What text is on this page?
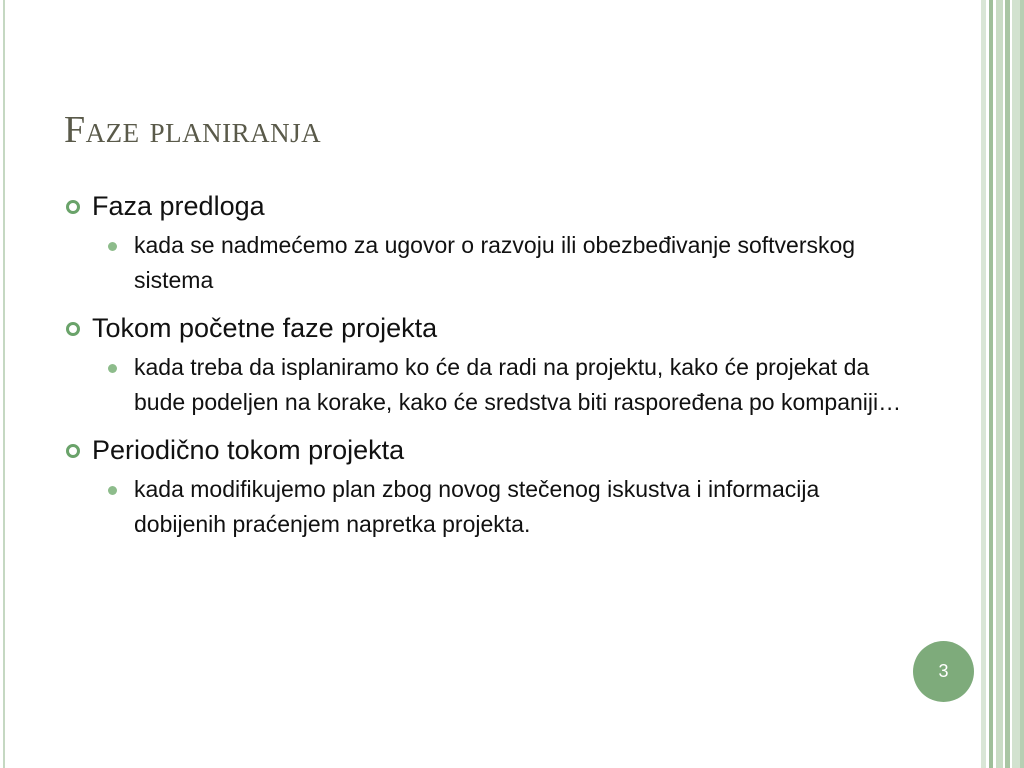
Faze planiranja
Faza predloga
kada se nadmećemo za ugovor o razvoju ili obezbeđivanje softverskog sistema
Tokom početne faze projekta
kada treba da isplaniramo ko će da radi na projektu, kako će projekat da bude podeljen na korake, kako će sredstva biti raspoređena po kompaniji…
Periodično tokom projekta
kada modifikujemo plan zbog novog stečenog iskustva i informacija dobijenih praćenjem napretka projekta.
3
